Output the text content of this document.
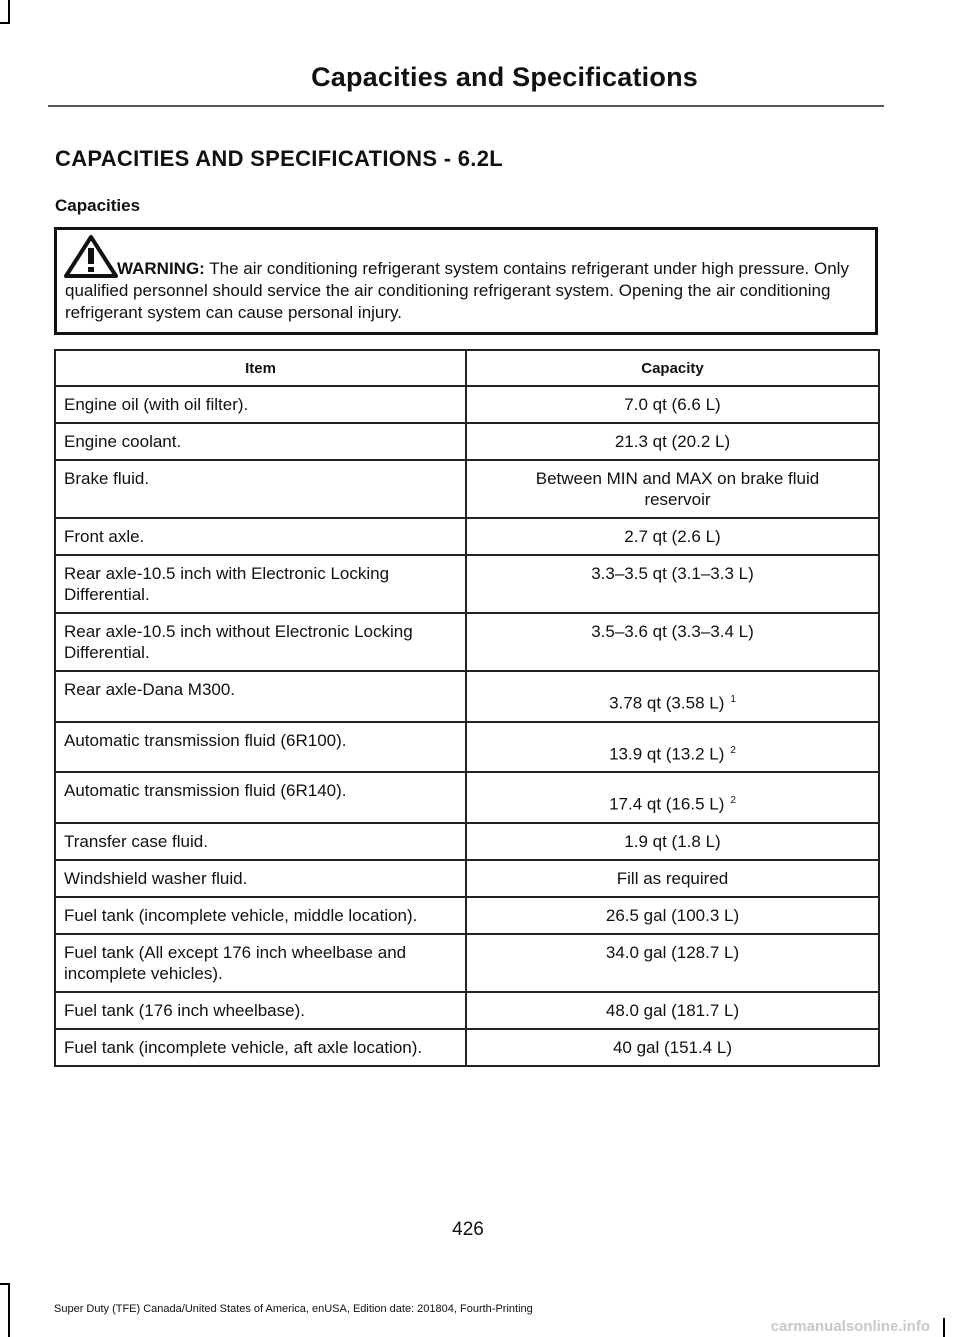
Capacities and Specifications
CAPACITIES AND SPECIFICATIONS - 6.2L
Capacities

WARNING: The air conditioning refrigerant system contains refrigerant under high pressure. Only qualified personnel should service the air conditioning refrigerant system. Opening the air conditioning refrigerant system can cause personal injury.

Item	Capacity
Engine oil (with oil filter).	7.0 qt (6.6 L)
Engine coolant.	21.3 qt (20.2 L)
Brake fluid.	Between MIN and MAX on brake fluid reservoir
Front axle.	2.7 qt (2.6 L)
Rear axle-10.5 inch with Electronic Locking Differential.	3.3–3.5 qt (3.1–3.3 L)
Rear axle-10.5 inch without Electronic Locking Differential.	3.5–3.6 qt (3.3–3.4 L)
Rear axle-Dana M300.	3.78 qt (3.58 L) $^1$
Automatic transmission fluid (6R100).	13.9 qt (13.2 L) $^2$
Automatic transmission fluid (6R140).	17.4 qt (16.5 L) $^2$
Transfer case fluid.	1.9 qt (1.8 L)
Windshield washer fluid.	Fill as required
Fuel tank (incomplete vehicle, middle location).	26.5 gal (100.3 L)
Fuel tank (All except 176 inch wheelbase and incomplete vehicles).	34.0 gal (128.7 L)
Fuel tank (176 inch wheelbase).	48.0 gal (181.7 L)
Fuel tank (incomplete vehicle, aft axle location).	40 gal (151.4 L)
426
Super Duty (TFE) Canada/United States of America, enUSA, Edition date: 201804, Fourth-Printing
carmanualsonline.info
